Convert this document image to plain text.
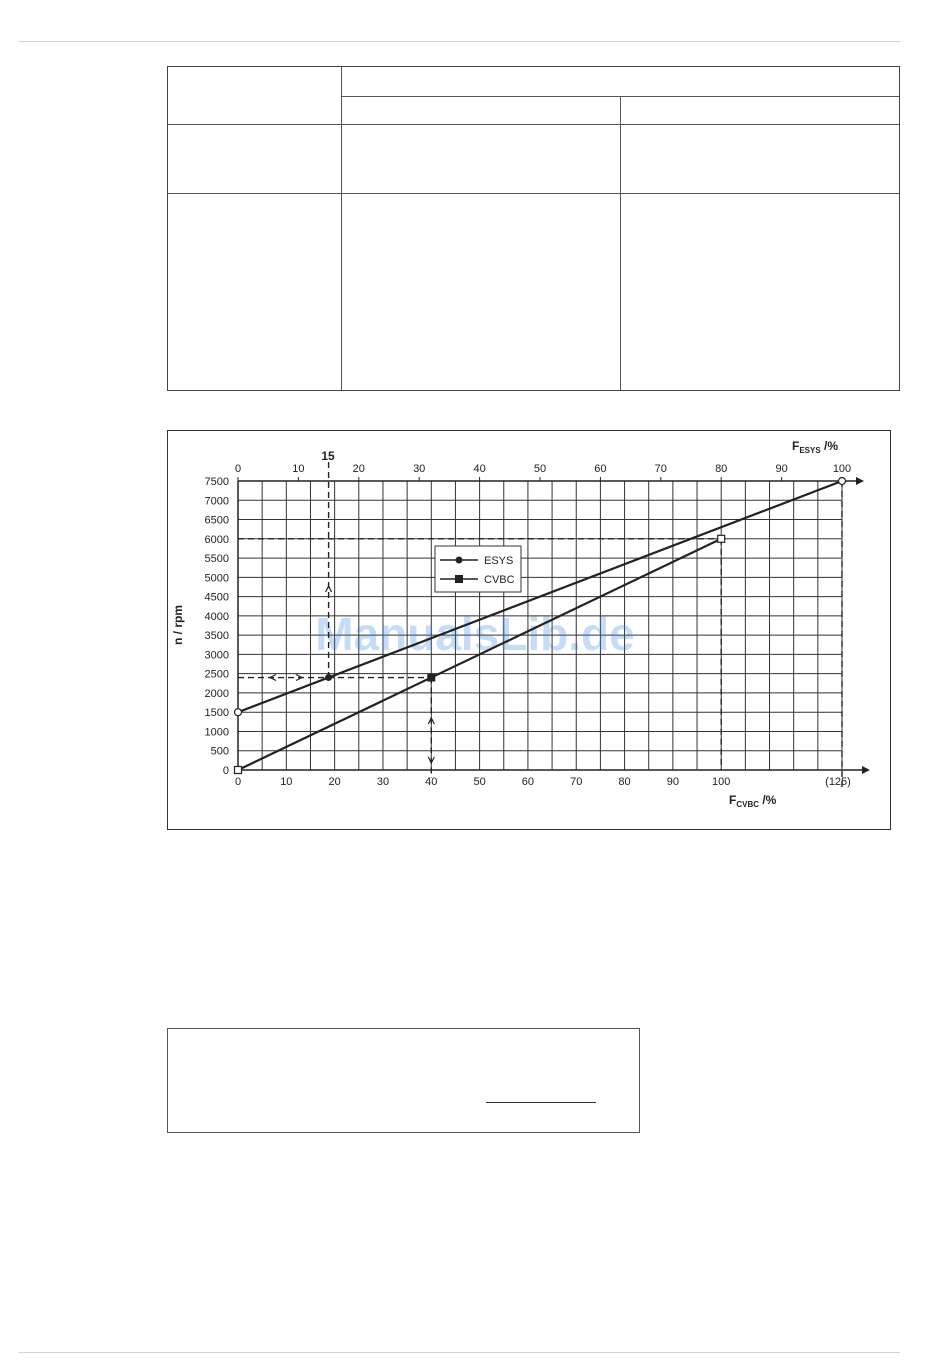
ManualsLib.de
0
500
1000
1500
2000
2500
3000
3500
4000
4500
5000
5500
6000
6500
7000
7500
0	10	20	30	40	50	60	70	80	90	100
0	10	20	30	40	50	60	70	80	90	100
n / rpm
$F_{ESYS}$ /%
$F_{CVBC}$ /%
15
(125)
ESYS
CVBC
